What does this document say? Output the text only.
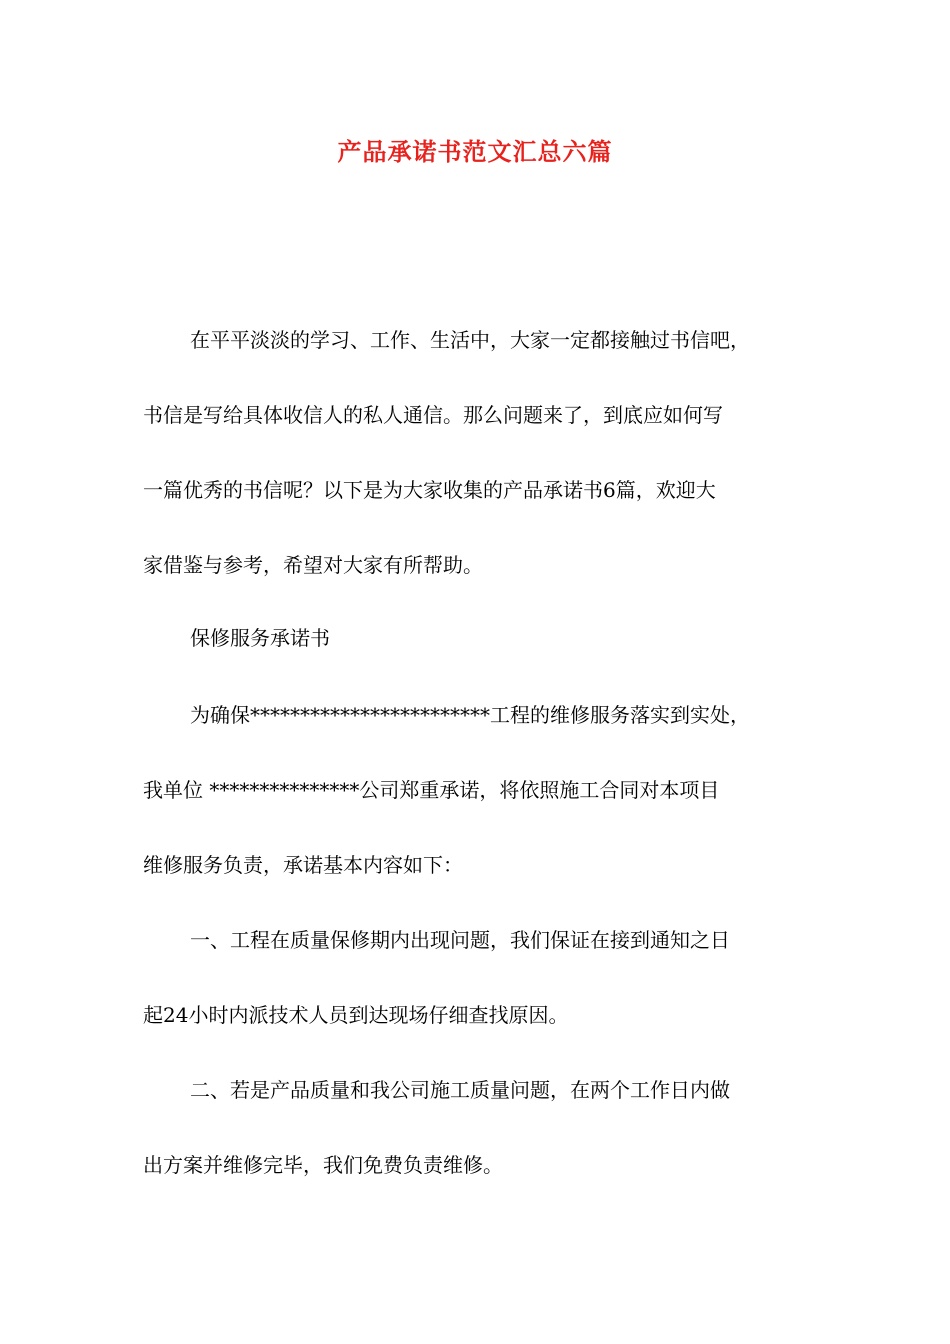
产品承诺书范文汇总六篇

在平平淡淡的学习、工作、生活中，大家一定都接触过书信吧，

书信是写给具体收信人的私人通信。那么问题来了，到底应如何写

一篇优秀的书信呢？以下是为大家收集的产品承诺书6篇，欢迎大

家借鉴与参考，希望对大家有所帮助。

保修服务承诺书

为确保************************工程的维修服务落实到实处，

我单位 ***************公司郑重承诺，将依照施工合同对本项目

维修服务负责，承诺基本内容如下：

一、工程在质量保修期内出现问题，我们保证在接到通知之日

起24小时内派技术人员到达现场仔细查找原因。

二、若是产品质量和我公司施工质量问题，在两个工作日内做

出方案并维修完毕，我们免费负责维修。
